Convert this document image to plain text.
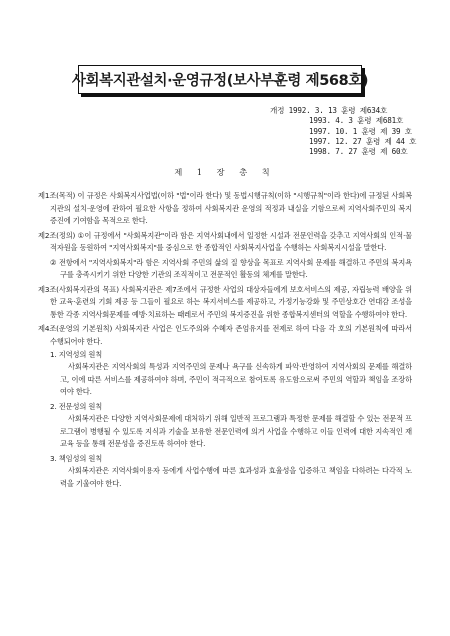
사회복지관설치·운영규정(보사부훈령 제568호)
개정 1992. 3. 13 훈령 제634호
1993. 4. 3 훈령 제681호
1997. 10. 1 훈령 제 39 호
1997. 12. 27 훈령 제 44 호
1998. 7. 27 훈령 제 60호
제 1 장 총 칙

제1조(목적) 이 규정은 사회복지사업법(이하 "법"이라 한다) 및 동법시행규칙(이하 "시행규칙"이라 한다)에 규정된 사회복지관의 설치·운영에 관하여 필요한 사항을 정하여 사회복지관 운영의 적정과 내실을 기함으로써 지역사회주민의 복지증진에 기여함을 목적으로 한다.

제2조(정의) ①이 규정에서 "사회복지관"이라 함은 지역사회내에서 일정한 시설과 전문인력을 갖추고 지역사회의 인적·물적자원을 동원하여 "지역사회복지"를 중심으로 한 종합적인 사회복지사업을 수행하는 사회복지시설을 말한다.

② 전항에서 "지역사회복지"라 함은 지역사회 주민의 삶의 질 향상을 목표로 지역사회 문제를 해결하고 주민의 복지욕구를 충족시키기 위한 다양한 기관의 조직적이고 전문적인 활동의 체계를 말한다.

제3조(사회복지관의 목표) 사회복지관은 제7조에서 규정한 사업의 대상자들에게 보호서비스의 제공, 자립능력 배양을 위한 교육·훈련의 기회 제공 등 그들이 필요로 하는 복지서비스를 제공하고, 가정기능강화 및 주민상호간 연대감 조성을 통한 각종 지역사회문제를 예방·치료하는 때레로서 주민의 복지증진을 위한 종합복지센터의 역할을 수행하여야 한다.

제4조(운영의 기본원칙) 사회복지관 사업은 인도주의와 수혜자 존엄유지를 전제로 하여 다음 각 호의 기본원칙에 따라서 수행되어야 한다.

1. 지역성의 원칙

사회복지관은 지역사회의 특성과 지역주민의 문제나 욕구를 신속하게 파악·반영하여 지역사회의 문제를 해결하고, 이에 따른 서비스를 제공하여야 하며, 주민이 적극적으로 참여토록 유도함으로써 주민의 역할과 책임을 조장하여야 한다.

2. 전문성의 원칙

사회복지관은 다양한 지역사회문제에 대처하기 위해 일반적 프로그램과 특정한 문제를 해결할 수 있는 전문적 프로그램이 병행될 수 있도록 지식과 기술을 보유한 전문인력에 의거 사업을 수행하고 이들 인력에 대한 지속적인 재교육 등을 통해 전문성을 증진토록 하여야 한다.

3. 책임성의 원칙

사회복지관은 지역사회이용자 등에게 사업수행에 따른 효과성과 효율성을 입증하고 책임을 다하려는 다각적 노력을 기울여야 한다.
